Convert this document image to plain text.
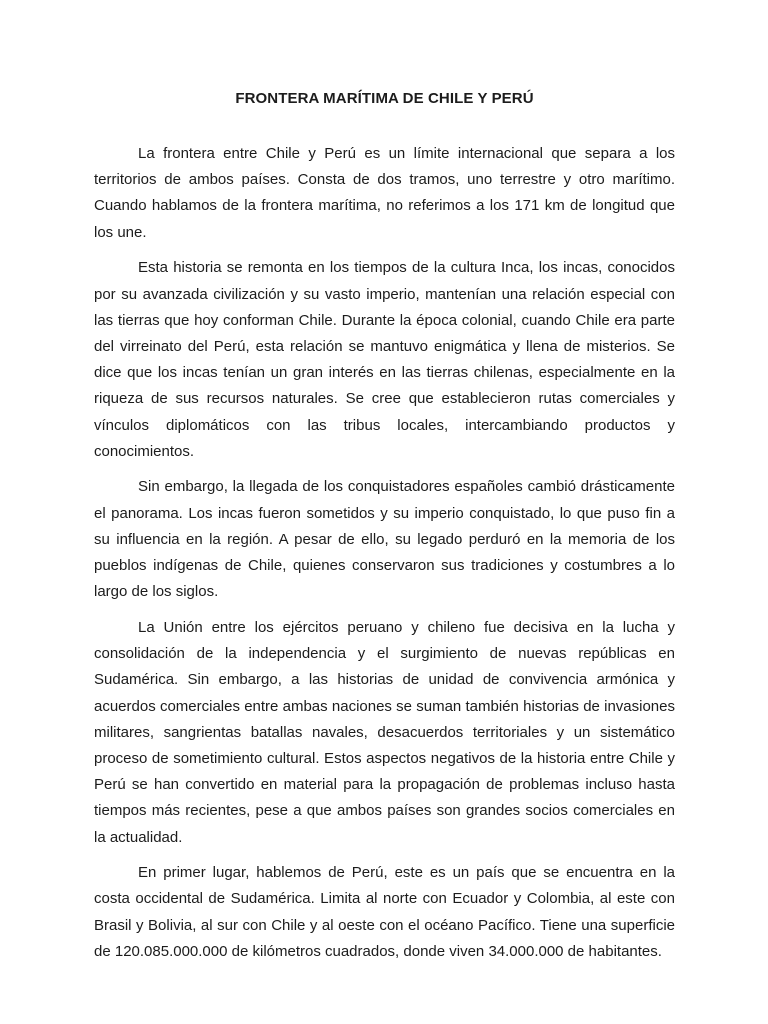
FRONTERA MARÍTIMA DE CHILE Y PERÚ

La frontera entre Chile y Perú es un límite internacional que separa a los territorios de ambos países. Consta de dos tramos, uno terrestre y otro marítimo. Cuando hablamos de la frontera marítima, no referimos a los 171 km de longitud que los une.

Esta historia se remonta en los tiempos de la cultura Inca, los incas, conocidos por su avanzada civilización y su vasto imperio, mantenían una relación especial con las tierras que hoy conforman Chile. Durante la época colonial, cuando Chile era parte del virreinato del Perú, esta relación se mantuvo enigmática y llena de misterios. Se dice que los incas tenían un gran interés en las tierras chilenas, especialmente en la riqueza de sus recursos naturales. Se cree que establecieron rutas comerciales y vínculos diplomáticos con las tribus locales, intercambiando productos y conocimientos.

Sin embargo, la llegada de los conquistadores españoles cambió drásticamente el panorama. Los incas fueron sometidos y su imperio conquistado, lo que puso fin a su influencia en la región. A pesar de ello, su legado perduró en la memoria de los pueblos indígenas de Chile, quienes conservaron sus tradiciones y costumbres a lo largo de los siglos.

La Unión entre los ejércitos peruano y chileno fue decisiva en la lucha y consolidación de la independencia y el surgimiento de nuevas repúblicas en Sudamérica. Sin embargo, a las historias de unidad de convivencia armónica y acuerdos comerciales entre ambas naciones se suman también historias de invasiones militares, sangrientas batallas navales, desacuerdos territoriales y un sistemático proceso de sometimiento cultural. Estos aspectos negativos de la historia entre Chile y Perú se han convertido en material para la propagación de problemas incluso hasta tiempos más recientes, pese a que ambos países son grandes socios comerciales en la actualidad.

En primer lugar, hablemos de Perú, este es un país que se encuentra en la costa occidental de Sudamérica. Limita al norte con Ecuador y Colombia, al este con Brasil y Bolivia, al sur con Chile y al oeste con el océano Pacífico. Tiene una superficie de 120.085.000.000 de kilómetros cuadrados, donde viven 34.000.000 de habitantes.
